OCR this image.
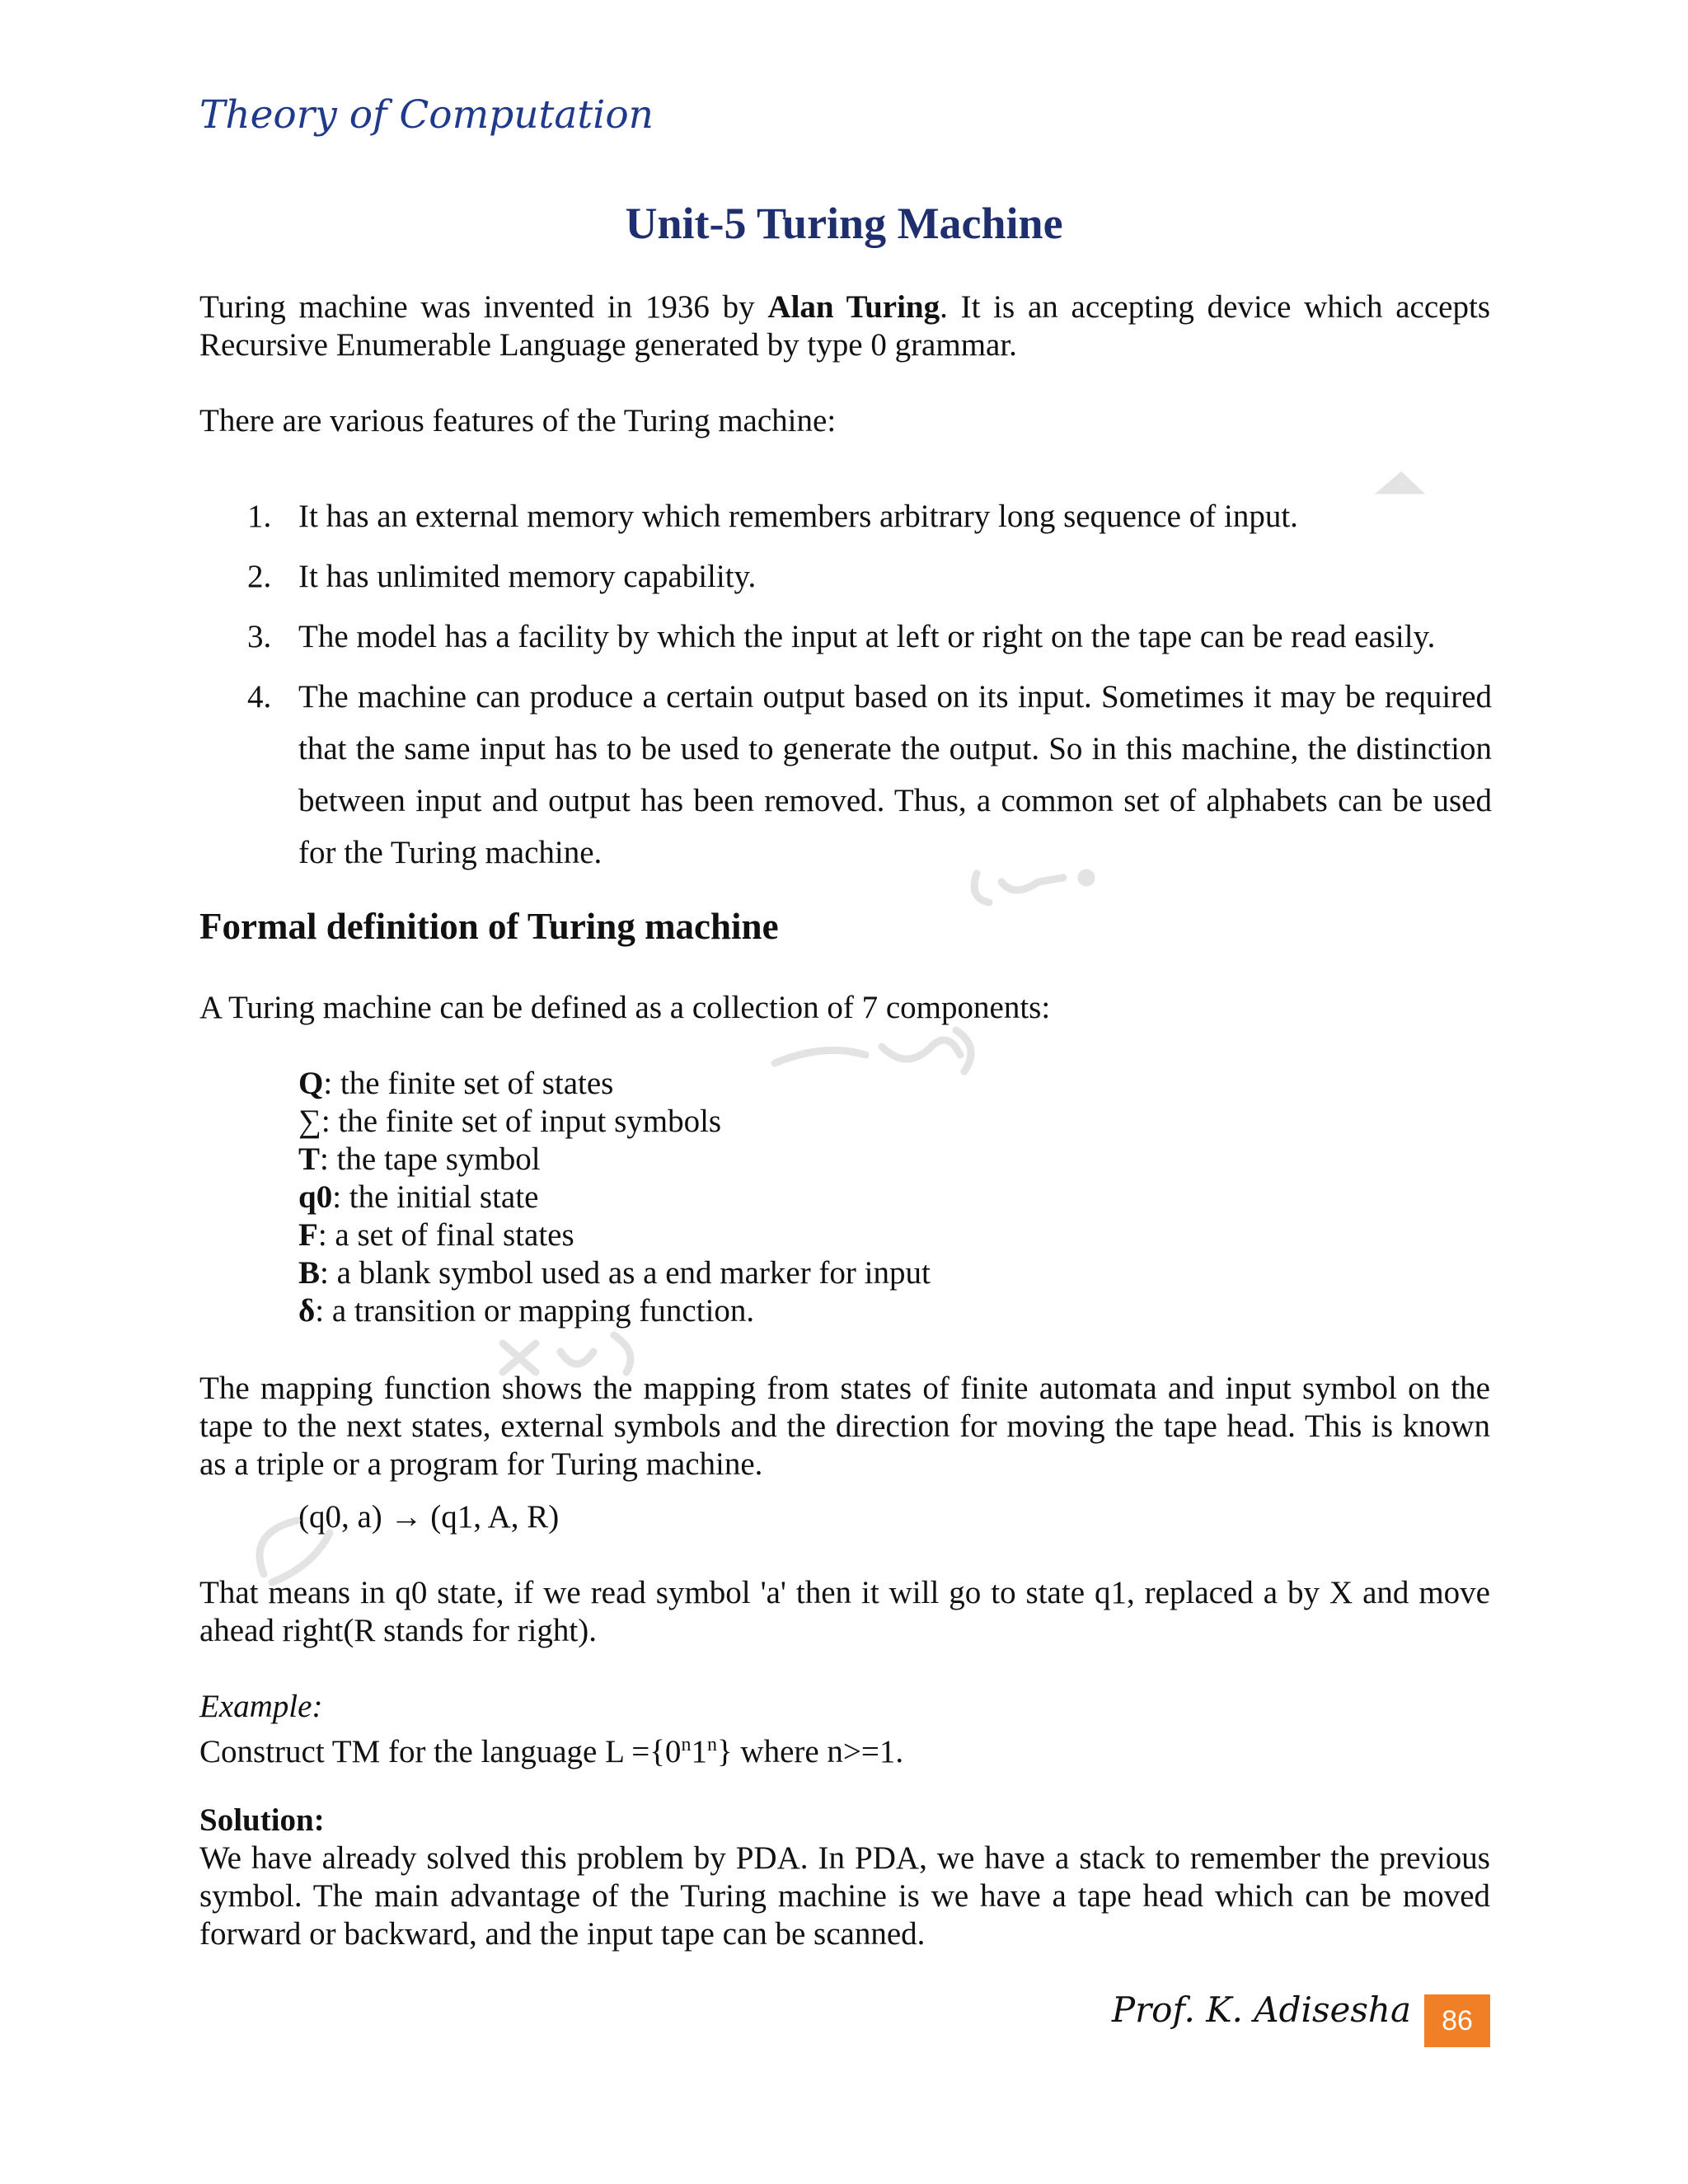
Theory of Computation
Unit-5 Turing Machine
Turing machine was invented in 1936 by Alan Turing. It is an accepting device which accepts Recursive Enumerable Language generated by type 0 grammar.
There are various features of the Turing machine:
1. It has an external memory which remembers arbitrary long sequence of input.
2. It has unlimited memory capability.
3. The model has a facility by which the input at left or right on the tape can be read easily.
4. The machine can produce a certain output based on its input. Sometimes it may be required that the same input has to be used to generate the output. So in this machine, the distinction between input and output has been removed. Thus, a common set of alphabets can be used for the Turing machine.
Formal definition of Turing machine
A Turing machine can be defined as a collection of 7 components:
Q: the finite set of states
∑: the finite set of input symbols
T: the tape symbol
q0: the initial state
F: a set of final states
B: a blank symbol used as a end marker for input
δ: a transition or mapping function.
The mapping function shows the mapping from states of finite automata and input symbol on the tape to the next states, external symbols and the direction for moving the tape head. This is known as a triple or a program for Turing machine.
(q0, a) → (q1, A, R)
That means in q0 state, if we read symbol 'a' then it will go to state q1, replaced a by X and move ahead right(R stands for right).
Example:
Construct TM for the language $L =\{0^n1^n\}$ where n>=1.
Solution:
We have already solved this problem by PDA. In PDA, we have a stack to remember the previous symbol. The main advantage of the Turing machine is we have a tape head which can be moved forward or backward, and the input tape can be scanned.
Prof. K. Adisesha	86
